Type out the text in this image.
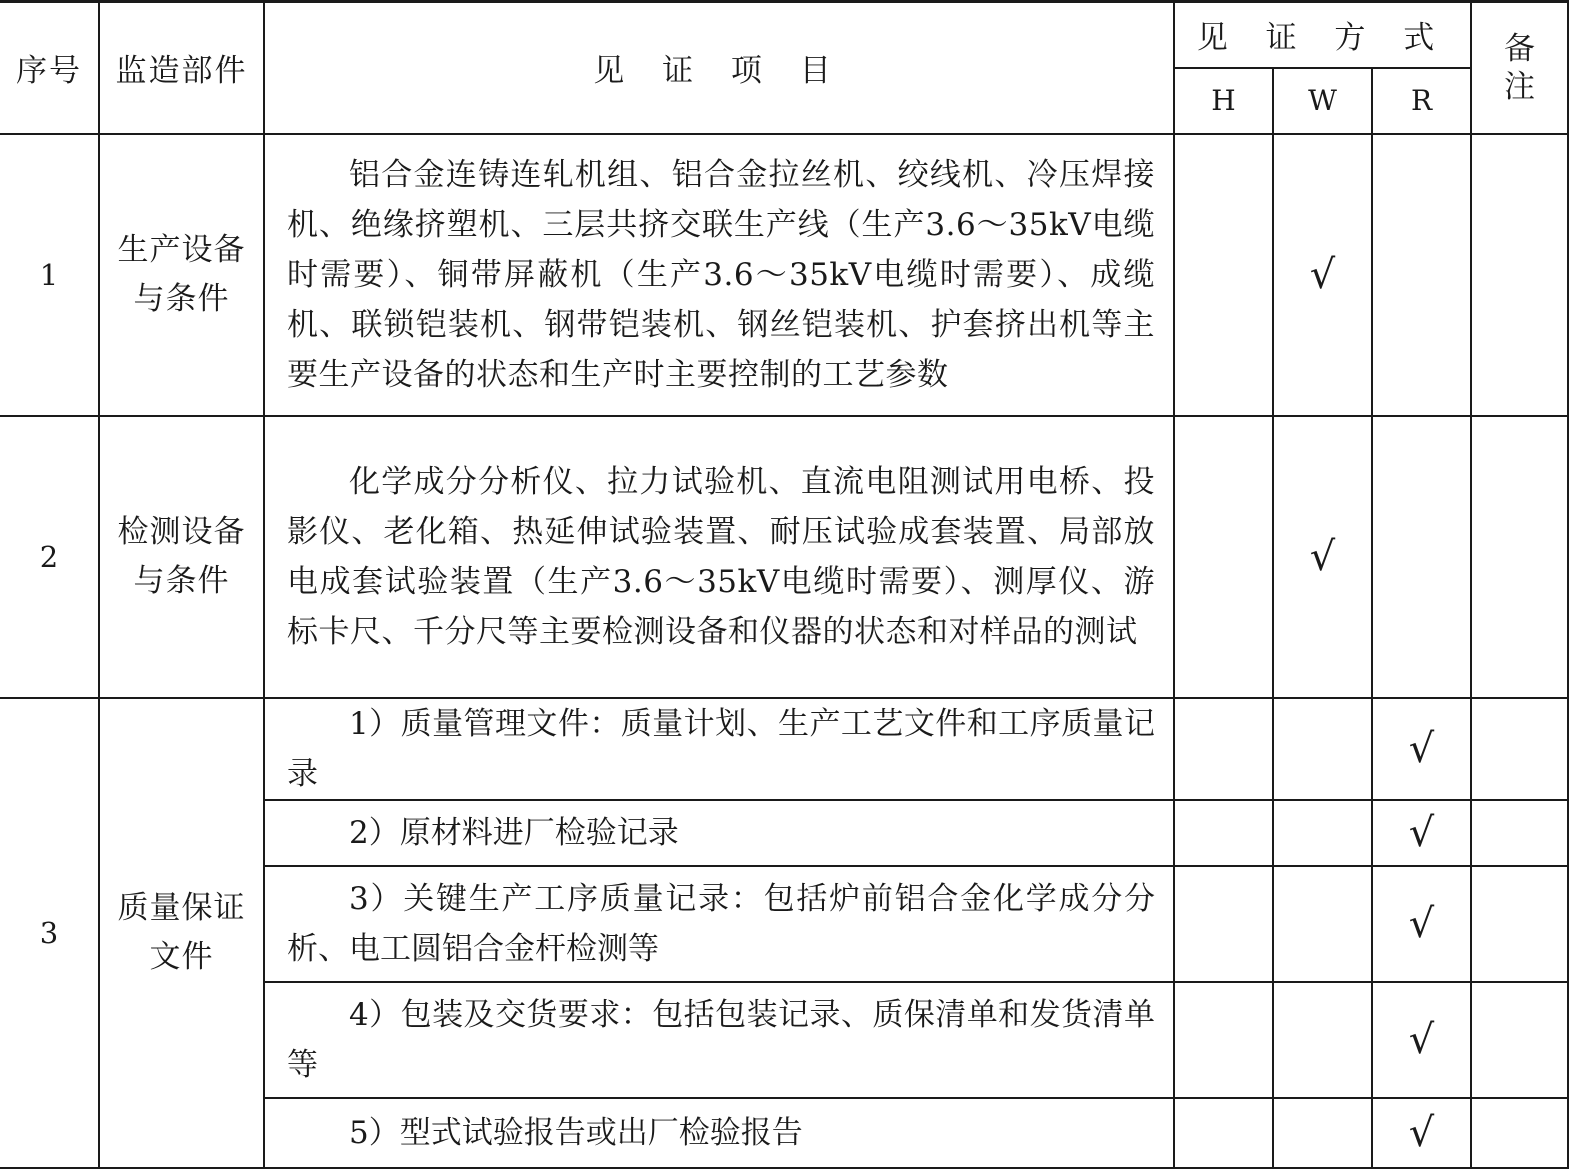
序号	监造部件	见 证 项 目	见 证 方 式			备
注

			H	W	R	
1	生产设备
与条件	铝合金连铸连轧机组、铝合金拉丝机、绞线机、冷压焊接机、绝缘挤塑机、三层共挤交联生产线（生产3.6～35kV电缆时需要）、铜带屏蔽机（生产3.6～35kV电缆时需要）、成缆机、联锁铠装机、钢带铠装机、钢丝铠装机、护套挤出机等主要生产设备的状态和生产时主要控制的工艺参数		√		
2	检测设备
与条件	化学成分分析仪、拉力试验机、直流电阻测试用电桥、投影仪、老化箱、热延伸试验装置、耐压试验成套装置、局部放电成套试验装置（生产3.6～35kV电缆时需要）、测厚仪、游标卡尺、千分尺等主要检测设备和仪器的状态和对样品的测试		√		
3	质量保证
文件	1）质量管理文件：质量计划、生产工艺文件和工序质量记录			√	
		2）原材料进厂检验记录			√	
		3）关键生产工序质量记录：包括炉前铝合金化学成分分析、电工圆铝合金杆检测等			√	
		4）包装及交货要求：包括包装记录、质保清单和发货清单等			√	
		5）型式试验报告或出厂检验报告			√	
